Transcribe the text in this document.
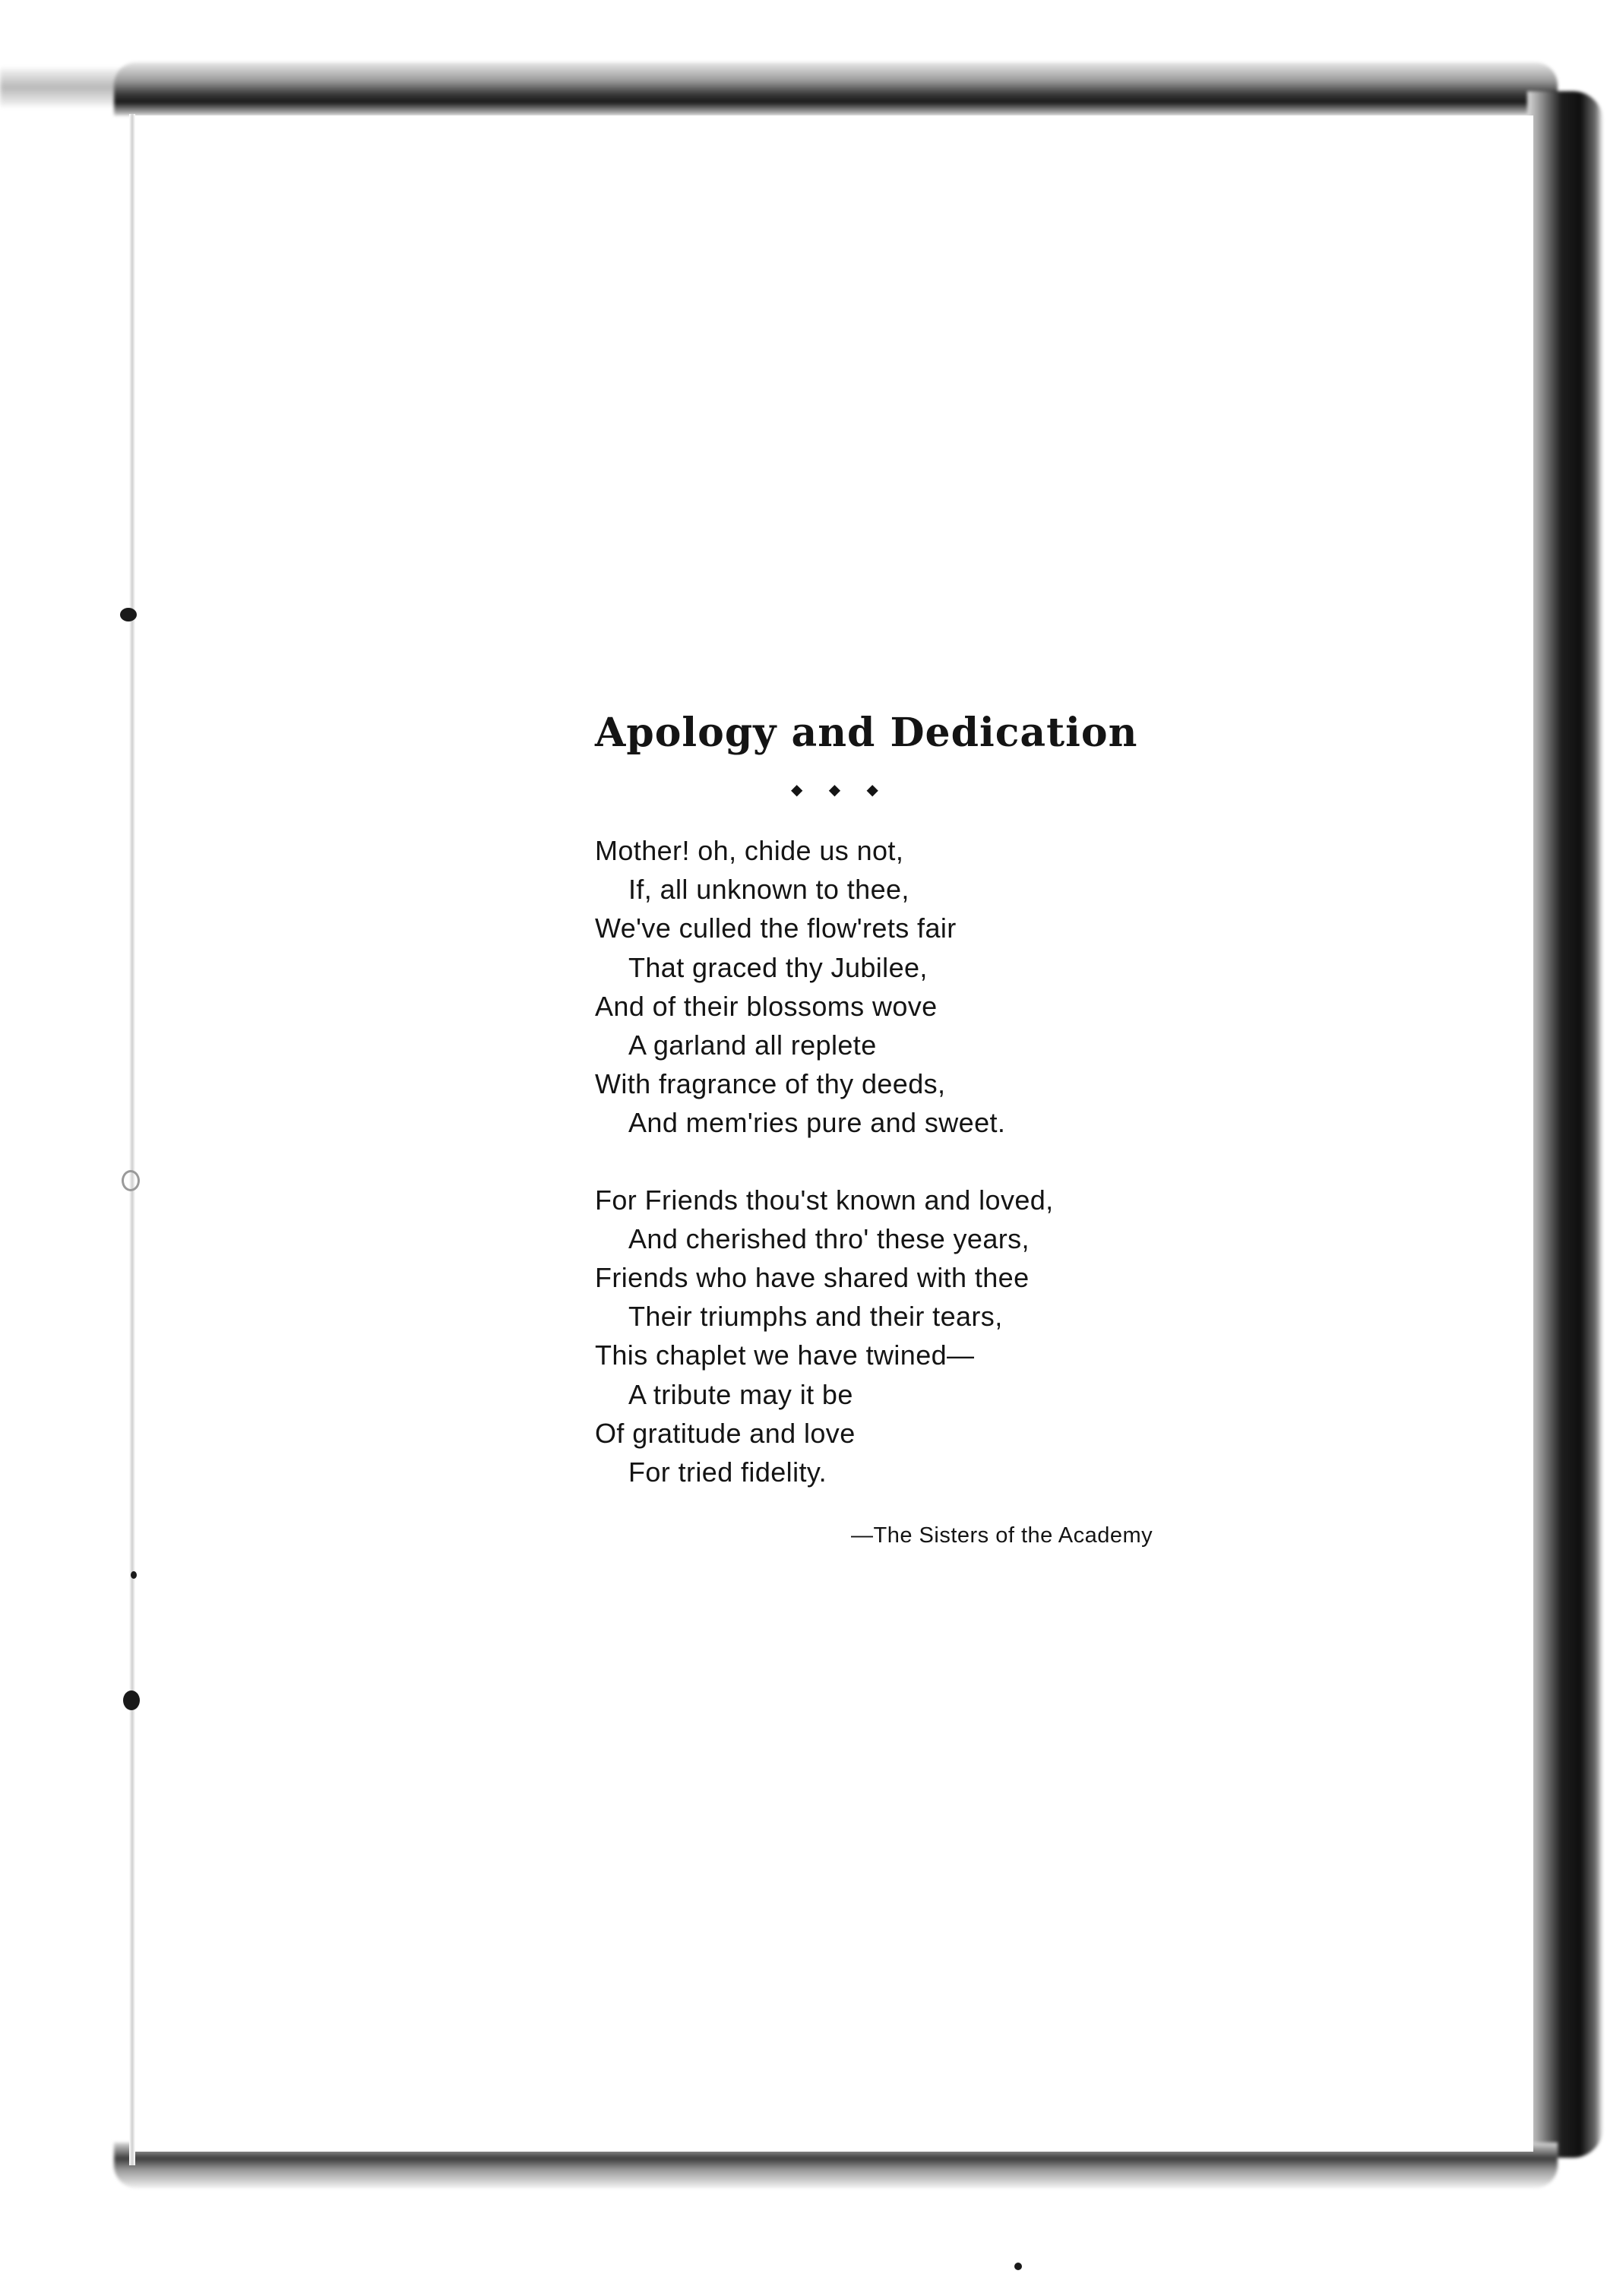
Apology and Dedication
◆ ◆ ◆
Mother! oh, chide us not,
If, all unknown to thee,
We've culled the flow'rets fair
That graced thy Jubilee,
And of their blossoms wove
A garland all replete
With fragrance of thy deeds,
And mem'ries pure and sweet.
For Friends thou'st known and loved,
And cherished thro' these years,
Friends who have shared with thee
Their triumphs and their tears,
This chaplet we have twined—
A tribute may it be
Of gratitude and love
For tried fidelity.
—The Sisters of the Academy
